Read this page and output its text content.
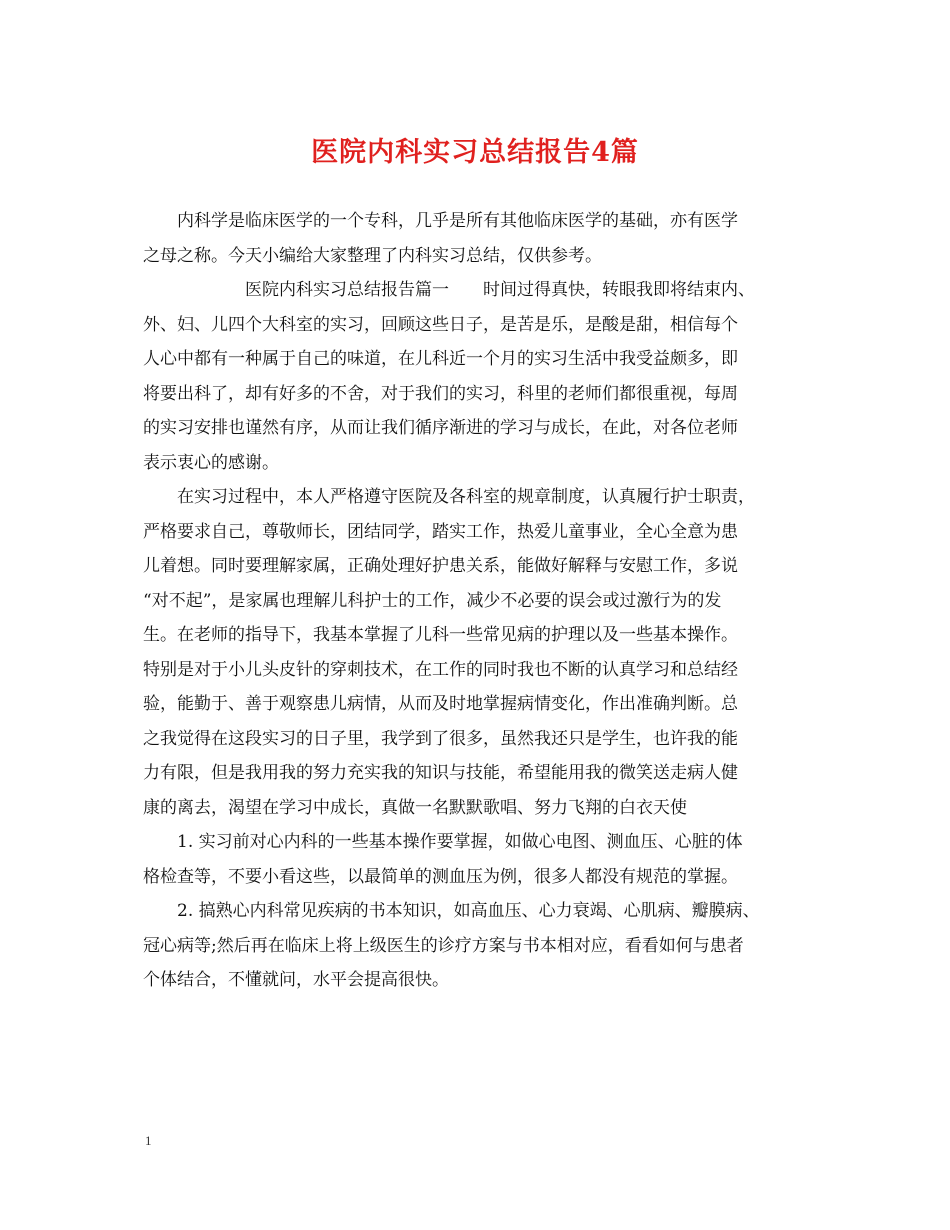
医院内科实习总结报告4篇

　　内科学是临床医学的一个专科，几乎是所有其他临床医学的基础，亦有医学

之母之称。今天小编给大家整理了内科实习总结，仅供参考。

　　　　　　医院内科实习总结报告篇一　　时间过得真快，转眼我即将结束内、

外、妇、儿四个大科室的实习，回顾这些日子，是苦是乐，是酸是甜，相信每个

人心中都有一种属于自己的味道，在儿科近一个月的实习生活中我受益颇多，即

将要出科了，却有好多的不舍，对于我们的实习，科里的老师们都很重视，每周

的实习安排也谨然有序，从而让我们循序渐进的学习与成长，在此，对各位老师

表示衷心的感谢。

　　在实习过程中，本人严格遵守医院及各科室的规章制度，认真履行护士职责，

严格要求自己，尊敬师长，团结同学，踏实工作，热爱儿童事业，全心全意为患

儿着想。同时要理解家属，正确处理好护患关系，能做好解释与安慰工作，多说

“对不起”，是家属也理解儿科护士的工作，减少不必要的误会或过激行为的发

生。在老师的指导下，我基本掌握了儿科一些常见病的护理以及一些基本操作。

特别是对于小儿头皮针的穿刺技术，在工作的同时我也不断的认真学习和总结经

验，能勤于、善于观察患儿病情，从而及时地掌握病情变化，作出准确判断。总

之我觉得在这段实习的日子里，我学到了很多，虽然我还只是学生，也许我的能

力有限，但是我用我的努力充实我的知识与技能，希望能用我的微笑送走病人健

康的离去，渴望在学习中成长，真做一名默默歌唱、努力飞翔的白衣天使

　　1. 实习前对心内科的一些基本操作要掌握，如做心电图、测血压、心脏的体

格检查等，不要小看这些，以最简单的测血压为例，很多人都没有规范的掌握。

　　2. 搞熟心内科常见疾病的书本知识，如高血压、心力衰竭、心肌病、瓣膜病、

冠心病等;然后再在临床上将上级医生的诊疗方案与书本相对应，看看如何与患者

个体结合，不懂就问，水平会提高很快。

1
